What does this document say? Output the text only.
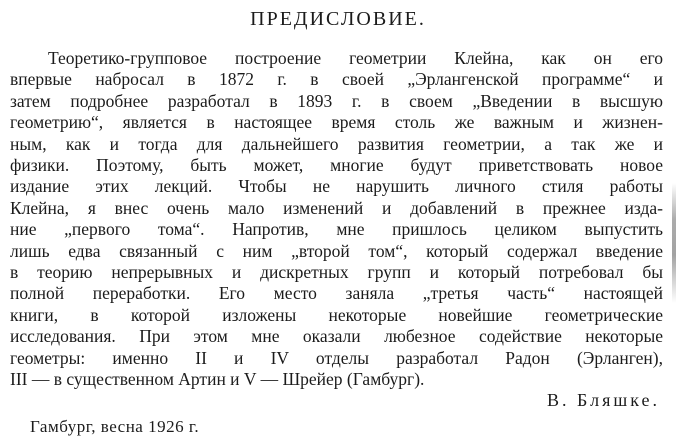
ПРЕДИСЛОВИЕ.
Теоретико-групповое построение геометрии Клейна, как он его
впервые набросал в 1872 г. в своей „Эрлангенской программе“ и
затем подробнее разработал в 1893 г. в своем „Введении в высшую
геометрию“, является в настоящее время столь же важным и жизнен-
ным, как и тогда для дальнейшего развития геометрии, а так же и
физики. Поэтому, быть может, многие будут приветствовать новое
издание этих лекций. Чтобы не нарушить личного стиля работы
Клейна, я внес очень мало изменений и добавлений в прежнее изда-
ние „первого тома“. Напротив, мне пришлось целиком выпустить
лишь едва связанный с ним „второй том“, который содержал введение
в теорию непрерывных и дискретных групп и который потребовал бы
полной переработки. Его место заняла „третья часть“ настоящей
книги, в которой изложены некоторые новейшие геометрические
исследования. При этом мне оказали любезное содействие некоторые
геометры: именно II и IV отделы разработал Радон (Эрланген),
III — в существенном Артин и V — Шрейер (Гамбург).
В. Бляшке.
Гамбург, весна 1926 г.
